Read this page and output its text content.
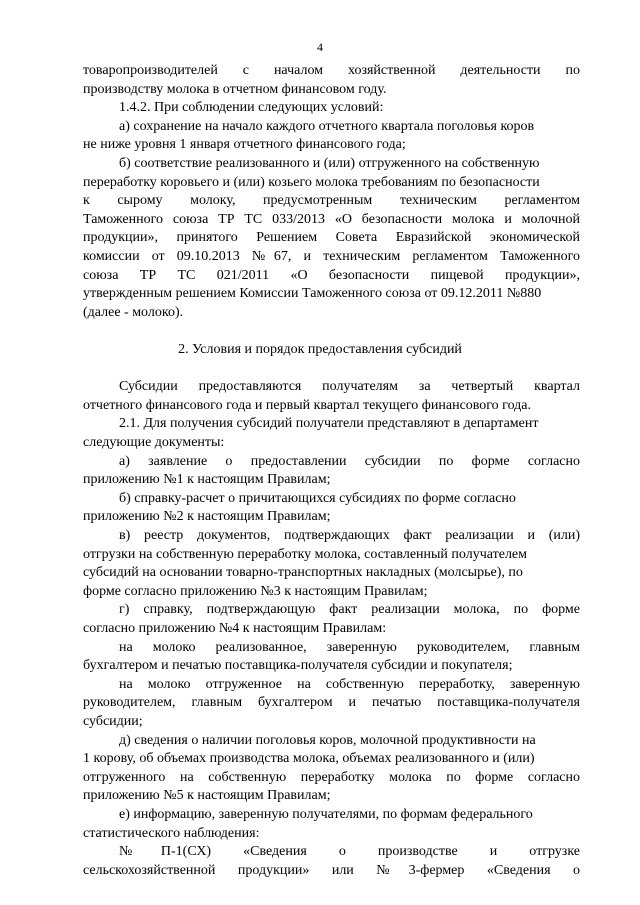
4
товаропроизводителей с началом хозяйственной деятельности по
производству молока в отчетном финансовом году.
1.4.2. При соблюдении следующих условий:
а) сохранение на начало каждого отчетного квартала поголовья коров
не ниже уровня 1 января отчетного финансового года;
б) соответствие реализованного и (или) отгруженного на собственную
переработку коровьего и (или) козьего молока требованиям по безопасности
к сырому молоку, предусмотренным техническим регламентом
Таможенного союза ТР ТС 033/2013 «О безопасности молока и молочной
продукции», принятого Решением Совета Евразийской экономической
комиссии от 09.10.2013 №67, и техническим регламентом Таможенного
союза ТР ТС 021/2011 «О безопасности пищевой продукции»,
утвержденным решением Комиссии Таможенного союза от 09.12.2011 №880
(далее - молоко).
2. Условия и порядок предоставления субсидий
Субсидии предоставляются получателям за четвертый квартал
отчетного финансового года и первый квартал текущего финансового года.
2.1. Для получения субсидий получатели представляют в департамент
следующие документы:
а) заявление о предоставлении субсидии по форме согласно
приложению №1 к настоящим Правилам;
б) справку-расчет о причитающихся субсидиях по форме согласно
приложению №2 к настоящим Правилам;
в) реестр документов, подтверждающих факт реализации и (или)
отгрузки на собственную переработку молока, составленный получателем
субсидий на основании товарно-транспортных накладных (молсырье), по
форме согласно приложению №3 к настоящим Правилам;
г) справку, подтверждающую факт реализации молока, по форме
согласно приложению №4 к настоящим Правилам:
на молоко реализованное, заверенную руководителем, главным
бухгалтером и печатью поставщика-получателя субсидии и покупателя;
на молоко отгруженное на собственную переработку, заверенную
руководителем, главным бухгалтером и печатью поставщика-получателя
субсидии;
д) сведения о наличии поголовья коров, молочной продуктивности на
1 корову, об объемах производства молока, объемах реализованного и (или)
отгруженного на собственную переработку молока по форме согласно
приложению №5 к настоящим Правилам;
е) информацию, заверенную получателями, по формам федерального
статистического наблюдения:
№П-1(СХ) «Сведения о производстве и отгрузке
сельскохозяйственной продукции» или №3-фермер «Сведения о
